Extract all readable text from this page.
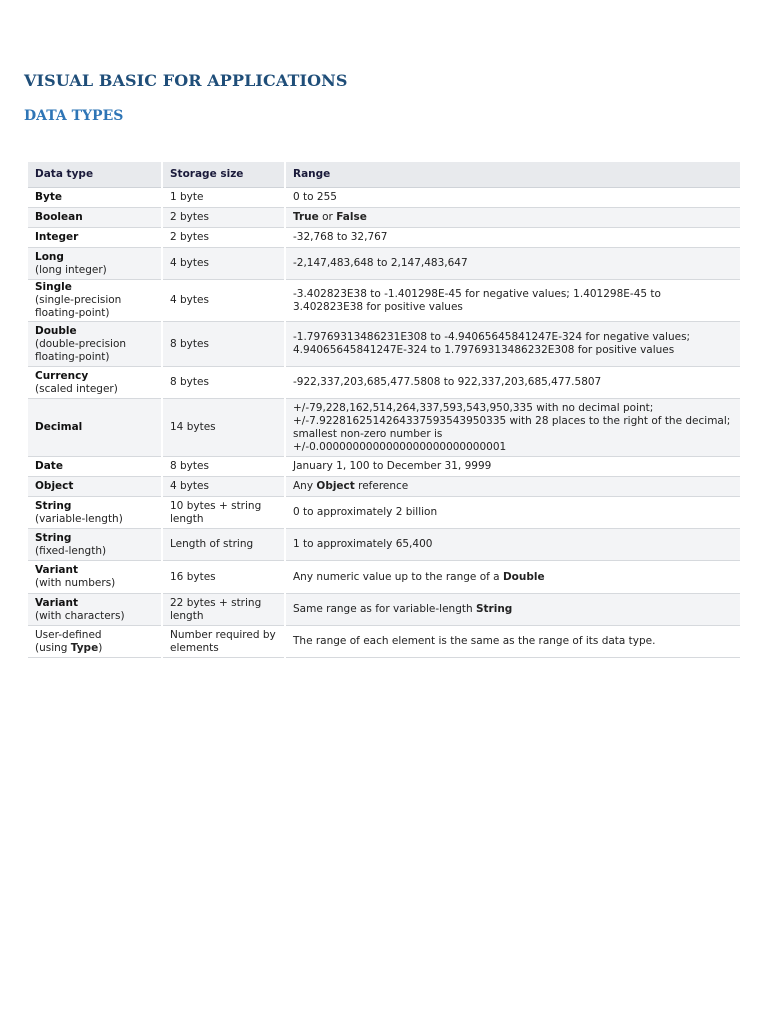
VISUAL BASIC FOR APPLICATIONS
DATA TYPES
Data type	Storage size	Range
Byte	1 byte	0 to 255
Boolean	2 bytes	True or False
Integer	2 bytes	-32,768 to 32,767
Long
(long integer)	4 bytes	-2,147,483,648 to 2,147,483,647
Single
(single-precision floating-point)	4 bytes	-3.402823E38 to -1.401298E-45 for negative values; 1.401298E-45 to 3.402823E38 for positive values
Double
(double-precision floating-point)	8 bytes	-1.79769313486231E308 to -4.94065645841247E-324 for negative values; 4.94065645841247E-324 to 1.79769313486232E308 for positive values
Currency
(scaled integer)	8 bytes	-922,337,203,685,477.5808 to 922,337,203,685,477.5807
Decimal	14 bytes	+/-79,228,162,514,264,337,593,543,950,335 with no decimal point;
+/-7.9228162514264337593543950335 with 28 places to the right of the decimal; smallest non-zero number is
+/-0.0000000000000000000000000001
Date	8 bytes	January 1, 100 to December 31, 9999
Object	4 bytes	Any Object reference
String
(variable-length)	10 bytes + string length	0 to approximately 2 billion
String
(fixed-length)	Length of string	1 to approximately 65,400
Variant
(with numbers)	16 bytes	Any numeric value up to the range of a Double
Variant
(with characters)	22 bytes + string length	Same range as for variable-length String
User-defined
(using Type)	Number required by elements	The range of each element is the same as the range of its data type.
